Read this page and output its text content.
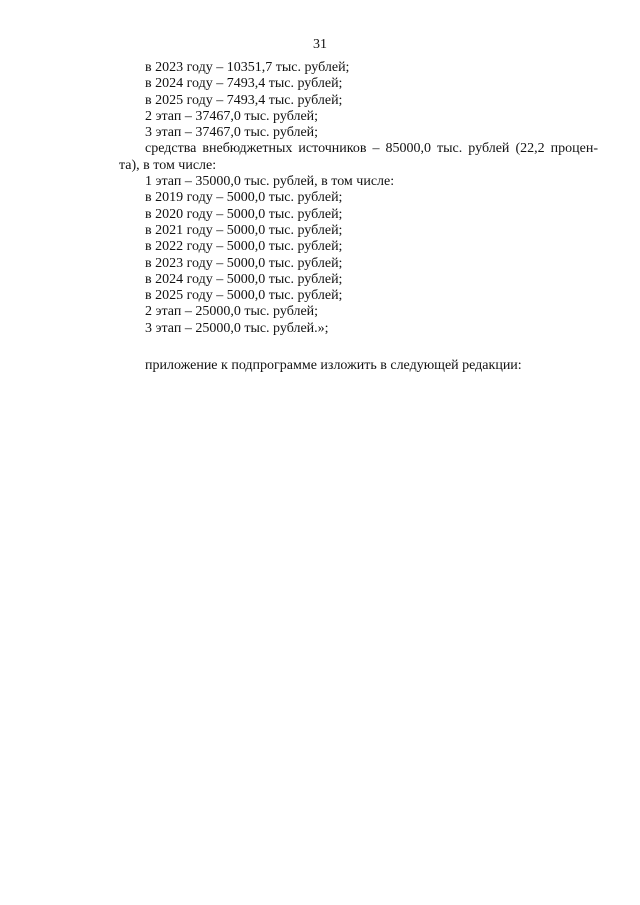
31
в 2023 году – 10351,7 тыс. рублей;
в 2024 году – 7493,4 тыс. рублей;
в 2025 году – 7493,4 тыс. рублей;
2 этап – 37467,0 тыс. рублей;
3 этап – 37467,0 тыс. рублей;
средства внебюджетных источников – 85000,0 тыс. рублей (22,2 процен-та), в том числе:
1 этап – 35000,0 тыс. рублей, в том числе:
в 2019 году – 5000,0 тыс. рублей;
в 2020 году – 5000,0 тыс. рублей;
в 2021 году – 5000,0 тыс. рублей;
в 2022 году – 5000,0 тыс. рублей;
в 2023 году – 5000,0 тыс. рублей;
в 2024 году – 5000,0 тыс. рублей;
в 2025 году – 5000,0 тыс. рублей;
2 этап – 25000,0 тыс. рублей;
3 этап – 25000,0 тыс. рублей.»;
приложение к подпрограмме изложить в следующей редакции:
